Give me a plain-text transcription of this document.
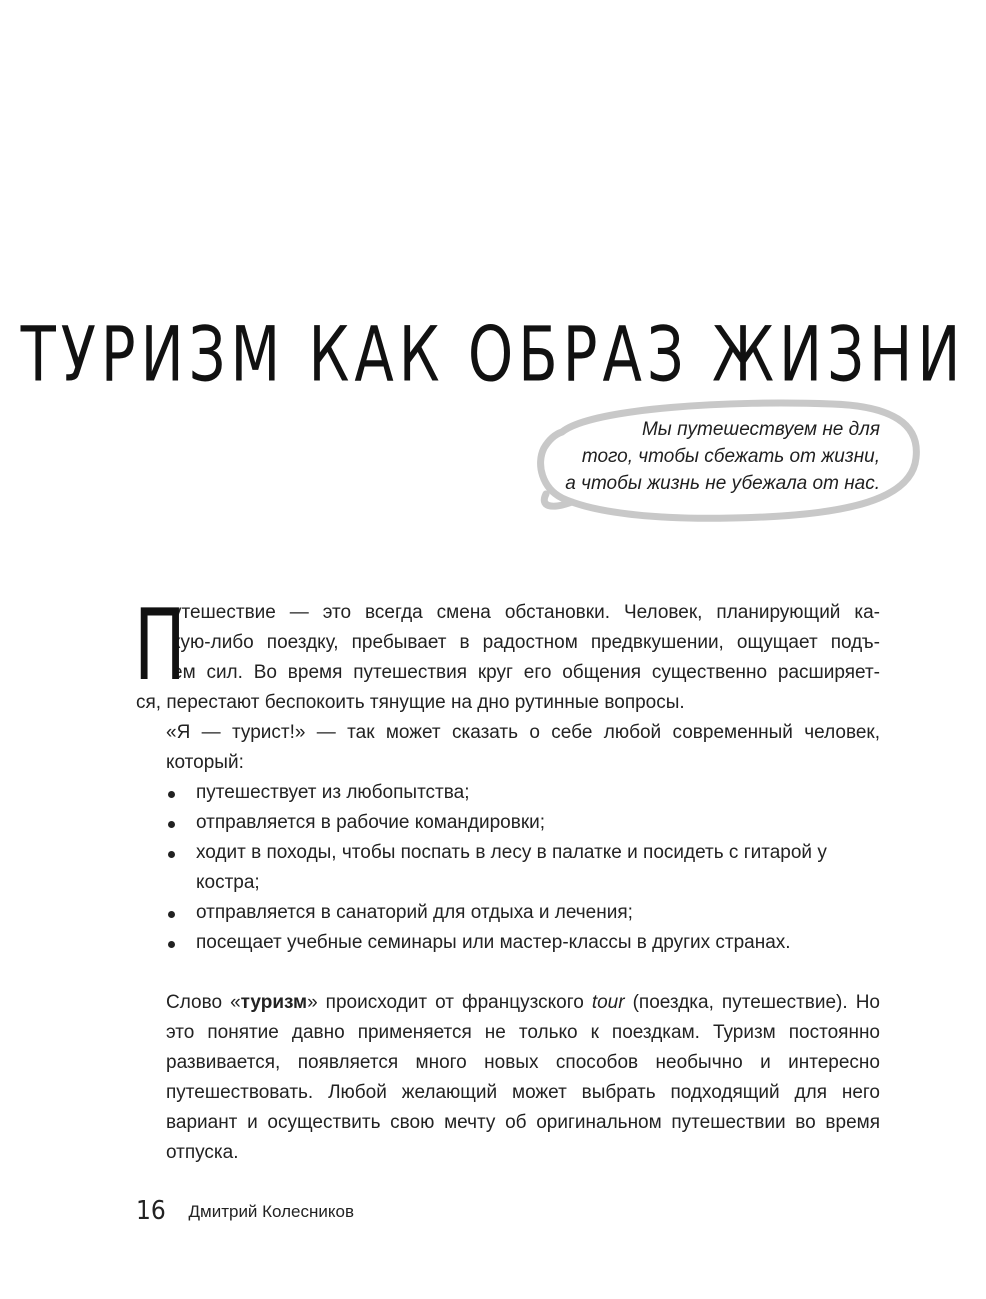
ТУРИЗМ КАК ОБРАЗ ЖИЗНИ
Мы путешествуем не для
того, чтобы сбежать от жизни,
а чтобы жизнь не убежала от нас.
П
утешествие — это всегда смена обстановки. Человек, планирующий ка-
кую-либо поездку, пребывает в радостном предвкушении, ощущает подъ-
ем сил. Во время путешествия круг его общения существенно расширяет-
ся, перестают беспокоить тянущие на дно рутинные вопросы.

«Я — турист!» — так может сказать о себе любой современный человек, который:

путешествует из любопытства;
отправляется в рабочие командировки;
ходит в походы, чтобы поспать в лесу в палатке и посидеть с гитарой у костра;
отправляется в санаторий для отдыха и лечения;
посещает учебные семинары или мастер-классы в других странах.

Слово «туризм» происходит от французского tour (поездка, путешествие). Но это понятие давно применяется не только к поездкам. Туризм постоянно развивается, появляется много новых способов необычно и интересно путешествовать. Любой желающий может выбрать подходящий для него вариант и осуществить свою мечту об оригинальном путешествии во время отпуска.

16 Дмитрий Колесников
